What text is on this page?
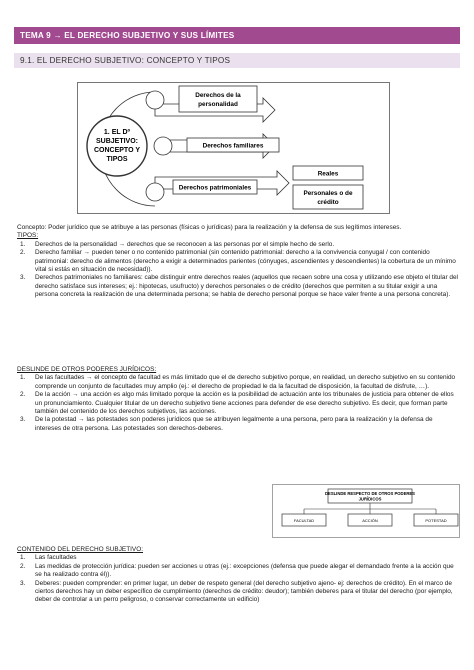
TEMA 9 → EL DERECHO SUBJETIVO Y SUS LÍMITES
9.1. EL DERECHO SUBJETIVO: CONCEPTO Y TIPOS
1. EL Dº
SUBJETIVO:
CONCEPTO Y
TIPOS
Derechos de la
personalidad
Derechos familiares
Derechos patrimoniales
Reales
Personales o de
crédito

Concepto: Poder jurídico que se atribuye a las personas (físicas o jurídicas) para la realización y la defensa de sus legítimos intereses.

TIPOS:

1. Derechos de la personalidad → derechos que se reconocen a las personas por el simple hecho de serlo.
2. Derecho familiar → pueden tener o no contenido patrimonial (sin contenido patrimonial: derecho a la convivencia conyugal / con contenido patrimonial: derecho de alimentos (derecho a exigir a determinados parientes (cónyuges, ascendientes y descendientes) la cobertura de un mínimo vital si estás en situación de necesidad)).
3. Derechos patrimoniales no familiares: cabe distinguir entre derechos reales (aquellos que recaen sobre una cosa y utilizando ese objeto el titular del derecho satisface sus intereses; ej.: hipotecas, usufructo) y derechos personales o de crédito (derechos que permiten a su titular exigir a una persona concreta la realización de una determinada persona; se habla de derecho personal porque se hace valer frente a una persona concreta).

DESLINDE DE OTROS PODERES JURÍDICOS:

1. De las facultades → el concepto de facultad es más limitado que el de derecho subjetivo porque, en realidad, un derecho subjetivo en su contenido comprende un conjunto de facultades muy amplio (ej.: el derecho de propiedad le da la facultad de disposición, la facultad de disfrute, …).
2. De la acción → una acción es algo más limitado porque la acción es la posibilidad de actuación ante los tribunales de justicia para obtener de ellos un pronunciamiento. Cualquier titular de un derecho subjetivo tiene acciones para defender de ese derecho subjetivo. Es decir, que forman parte también del contenido de los derechos subjetivos, las acciones.
3. De la potestad → las potestades son poderes jurídicos que se atribuyen legalmente a una persona, pero para la realización y la defensa de intereses de otra persona. Las potestades son derechos-deberes.
DESLINDE RESPECTO DE OTROS PODERES
JURÍDICOS
FACULTAD	ACCIÓN	POTESTAD

CONTENIDO DEL DERECHO SUBJETIVO:

1. Las facultades
2. Las medidas de protección jurídica: pueden ser acciones u otras (ej.: excepciones (defensa que puede alegar el demandado frente a la acción que se ha realizado contra él)).
3. Deberes: pueden comprender: en primer lugar, un deber de respeto general (del derecho subjetivo ajeno- ej: derechos de crédito). En el marco de ciertos derechos hay un deber específico de cumplimiento (derechos de crédito: deudor); también deberes para el titular del derecho (por ejemplo, deber de controlar a un perro peligroso, o conservar correctamente un edificio)
